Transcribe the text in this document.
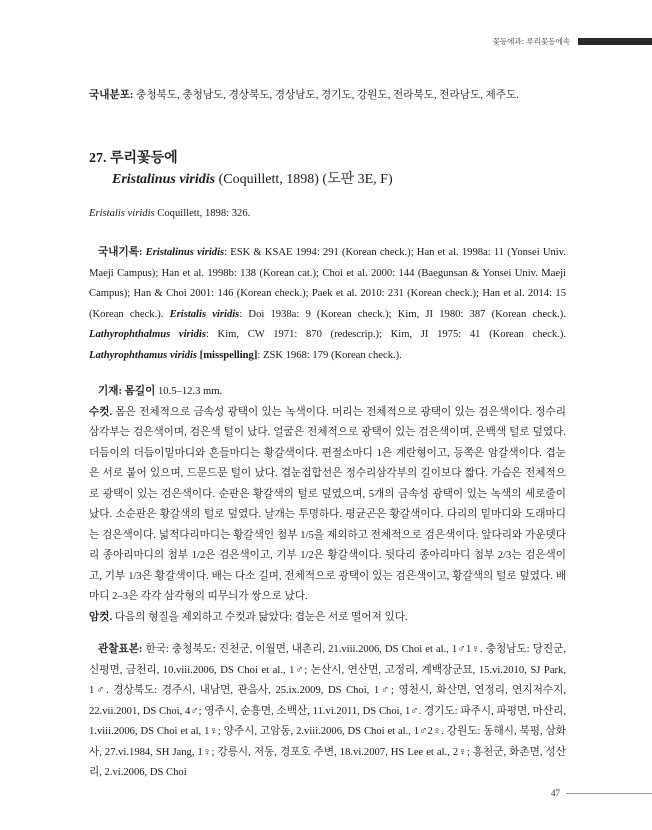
꽃등에과: 루리꽃등에속

국내분포: 충청북도, 충청남도, 경상북도, 경상남도, 경기도, 강원도, 전라북도, 전라남도, 제주도.

27. 루리꽃등에
Eristalinus viridis (Coquillett, 1898) (도판 3E, F)
Eristalis viridis Coquillett, 1898: 326.

국내기록: Eristalinus viridis: ESK & KSAE 1994: 291 (Korean check.); Han et al. 1998a: 11 (Yonsei Univ. Maeji Campus); Han et al. 1998b: 138 (Korean cat.); Choi et al. 2000: 144 (Baegunsan & Yonsei Univ. Maeji Campus); Han & Choi 2001: 146 (Korean check.); Paek et al. 2010: 231 (Korean check.); Han et al. 2014: 15 (Korean check.). Eristalis viridis: Doi 1938a: 9 (Korean check.); Kim, JI 1980: 387 (Korean check.). Lathyrophthalmus viridis: Kim, CW 1971: 870 (redescrip.); Kim, JI 1975: 41 (Korean check.). Lathyrophthamus viridis [misspelling]: ZSK 1968: 179 (Korean check.).

기재: 몸길이 10.5–12.3 mm.
수컷. 몸은 전체적으로 금속성 광택이 있는 녹색이다. 머리는 전체적으로 광택이 있는 검은색이다. 정수리 삼각부는 검은색이며, 검은색 털이 났다. 얼굴은 전체적으로 광택이 있는 검은색이며, 은백색 털로 덮였다. 더듬이의 더듬이밑마디와 흔들마디는 황갈색이다. 편절소마디 1은 계란형이고, 등쪽은 암갈색이다. 겹눈은 서로 붙어 있으며, 드문드문 털이 났다. 겹눈접합선은 정수리삼각부의 길이보다 짧다. 가슴은 전체적으로 광택이 있는 검은색이다. 순판은 황갈색의 털로 덮였으며, 5개의 금속성 광택이 있는 녹색의 세로줄이 났다. 소순판은 황갈색의 털로 덮였다. 날개는 투명하다. 평균곤은 황갈색이다. 다리의 밑마디와 도래마디는 검은색이다. 넓적다리마디는 황갈색인 첨부 1/5을 제외하고 전체적으로 검은색이다. 앞다리와 가운뎃다리 종아리마디의 첨부 1/2은 검은색이고, 기부 1/2은 황갈색이다. 뒷다리 종아리마디 첨부 2/3는 검은색이고, 기부 1/3은 황갈색이다. 배는 다소 길며, 전체적으로 광택이 있는 검은색이고, 황갈색의 털로 덮였다. 배마디 2–3은 각각 삼각형의 띠무늬가 쌍으로 났다.
암컷. 다음의 형질을 제외하고 수컷과 닮았다: 겹눈은 서로 떨어져 있다.

관찰표본: 한국: 충청북도: 진천군, 이월면, 내촌리, 21.viii.2006, DS Choi et al., 1♂1♀. 충청남도: 당진군, 신평면, 금천리, 10.viii.2006, DS Choi et al., 1♂; 논산시, 연산면, 고정리, 계백장군묘, 15.vi.2010, SJ Park, 1♂. 경상북도: 경주시, 내남면, 관음사, 25.ix.2009, DS Choi, 1♂; 영천시, 화산면, 연정리, 연지저수지, 22.vii.2001, DS Choi, 4♂; 영주시, 순흥면, 소백산, 11.vi.2011, DS Choi, 1♂. 경기도: 파주시, 파평면, 마산리, 1.viii.2006, DS Choi et al, 1♀; 양주시, 고암동, 2.viii.2006, DS Choi et al., 1♂2♀. 강원도: 동해시, 북평, 삼화사, 27.vi.1984, SH Jang, 1♀; 강릉시, 저동, 경포호 주변, 18.vi.2007, HS Lee et al., 2♀; 홍천군, 화촌면, 성산리, 2.vi.2006, DS Choi

47
